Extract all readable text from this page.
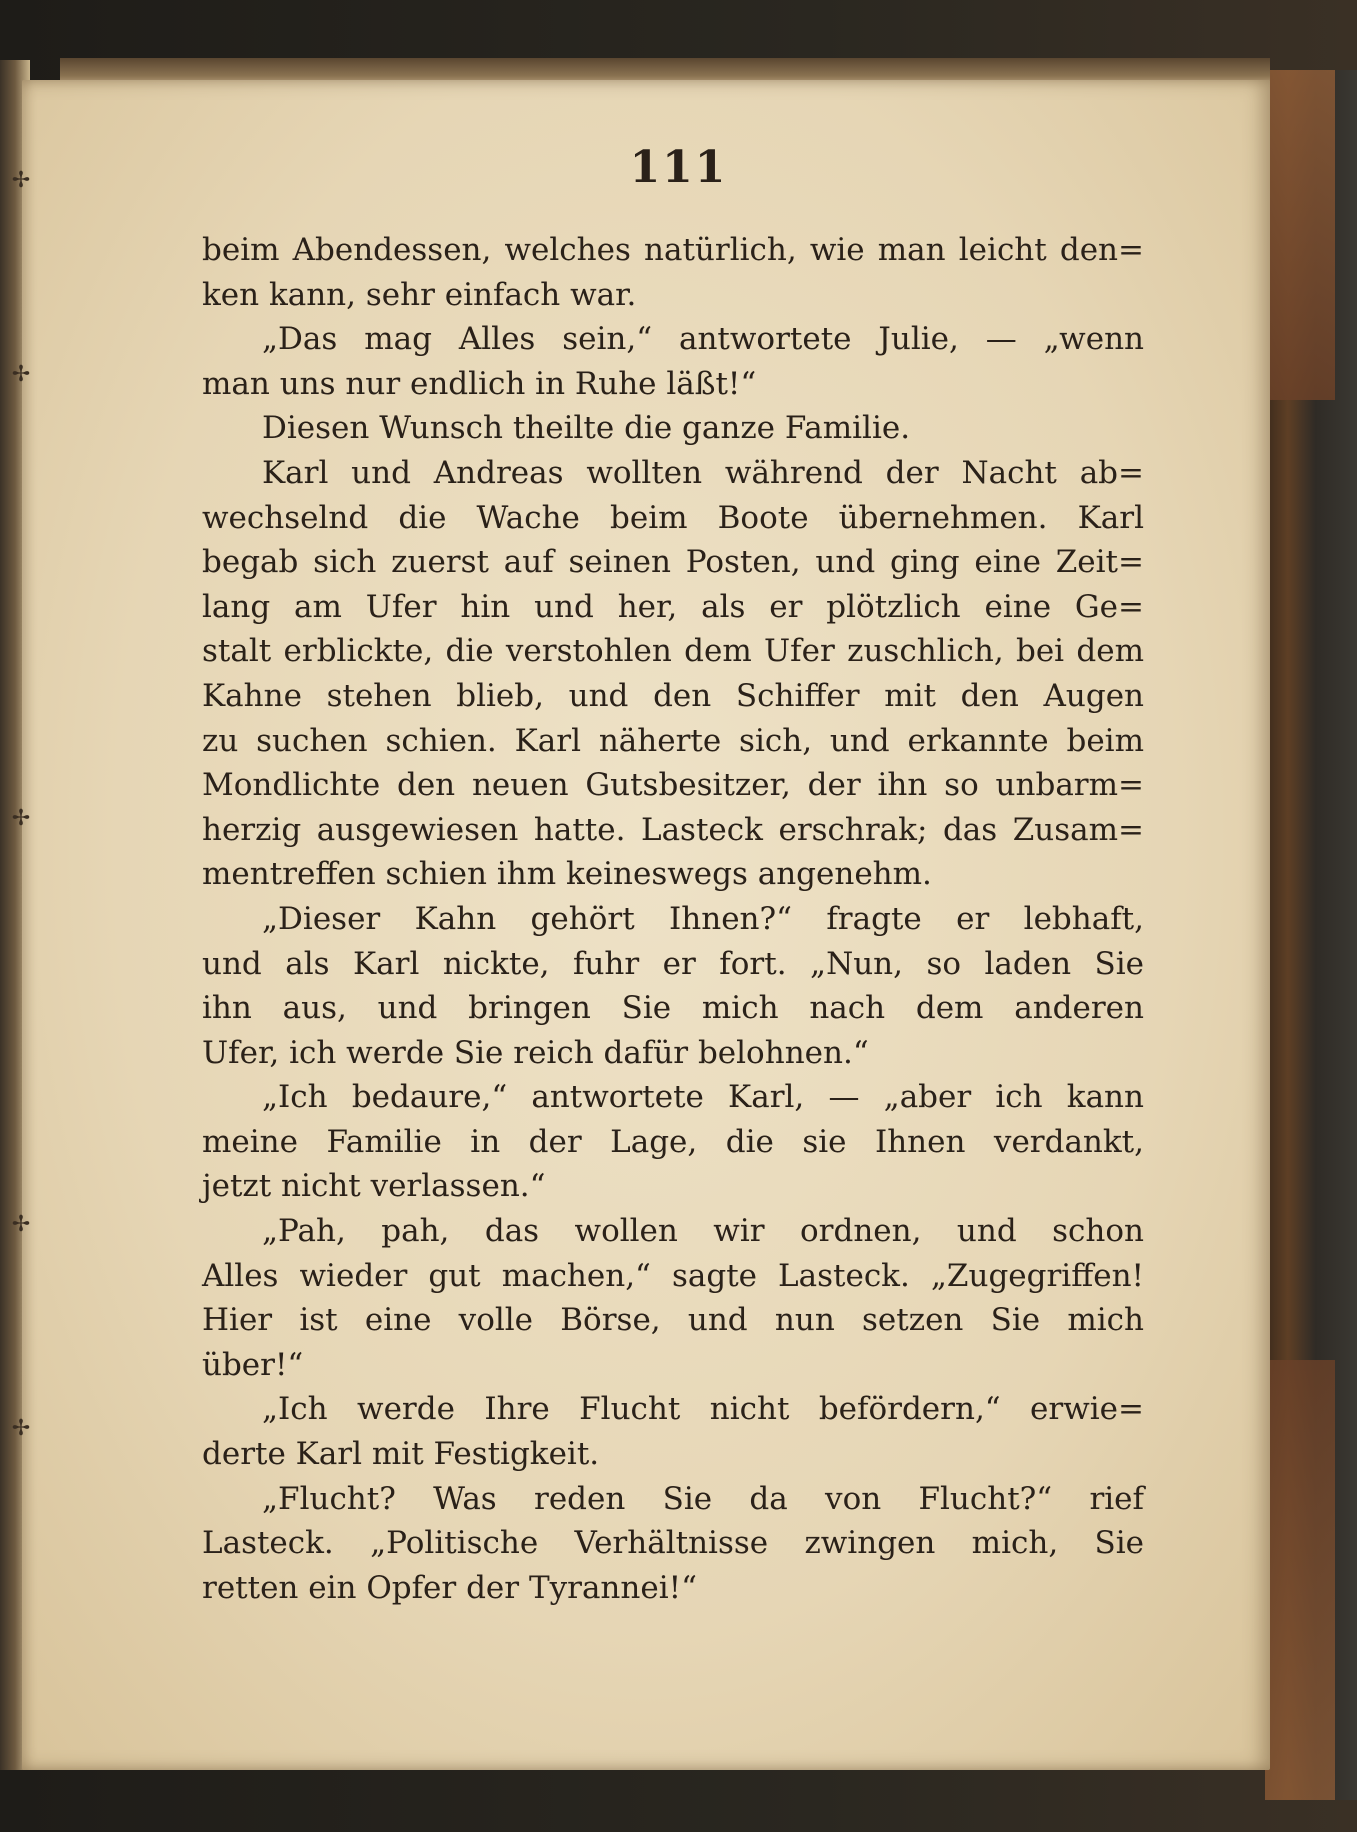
✢
✢
✢
✢
✢
111
beim Abendessen, welches natürlich, wie man leicht den=
ken kann, sehr einfach war.
„Das mag Alles sein,“ antwortete Julie, — „wenn
man uns nur endlich in Ruhe läßt!“
Diesen Wunsch theilte die ganze Familie.
Karl und Andreas wollten während der Nacht ab=
wechselnd die Wache beim Boote übernehmen. Karl
begab sich zuerst auf seinen Posten, und ging eine Zeit=
lang am Ufer hin und her, als er plötzlich eine Ge=
stalt erblickte, die verstohlen dem Ufer zuschlich, bei dem
Kahne stehen blieb, und den Schiffer mit den Augen
zu suchen schien. Karl näherte sich, und erkannte beim
Mondlichte den neuen Gutsbesitzer, der ihn so unbarm=
herzig ausgewiesen hatte. Lasteck erschrak; das Zusam=
mentreffen schien ihm keineswegs angenehm.
„Dieser Kahn gehört Ihnen?“ fragte er lebhaft,
und als Karl nickte, fuhr er fort. „Nun, so laden Sie
ihn aus, und bringen Sie mich nach dem anderen
Ufer, ich werde Sie reich dafür belohnen.“
„Ich bedaure,“ antwortete Karl, — „aber ich kann
meine Familie in der Lage, die sie Ihnen verdankt,
jetzt nicht verlassen.“
„Pah, pah, das wollen wir ordnen, und schon
Alles wieder gut machen,“ sagte Lasteck. „Zugegriffen!
Hier ist eine volle Börse, und nun setzen Sie mich
über!“
„Ich werde Ihre Flucht nicht befördern,“ erwie=
derte Karl mit Festigkeit.
„Flucht? Was reden Sie da von Flucht?“ rief
Lasteck. „Politische Verhältnisse zwingen mich, Sie
retten ein Opfer der Tyrannei!“
